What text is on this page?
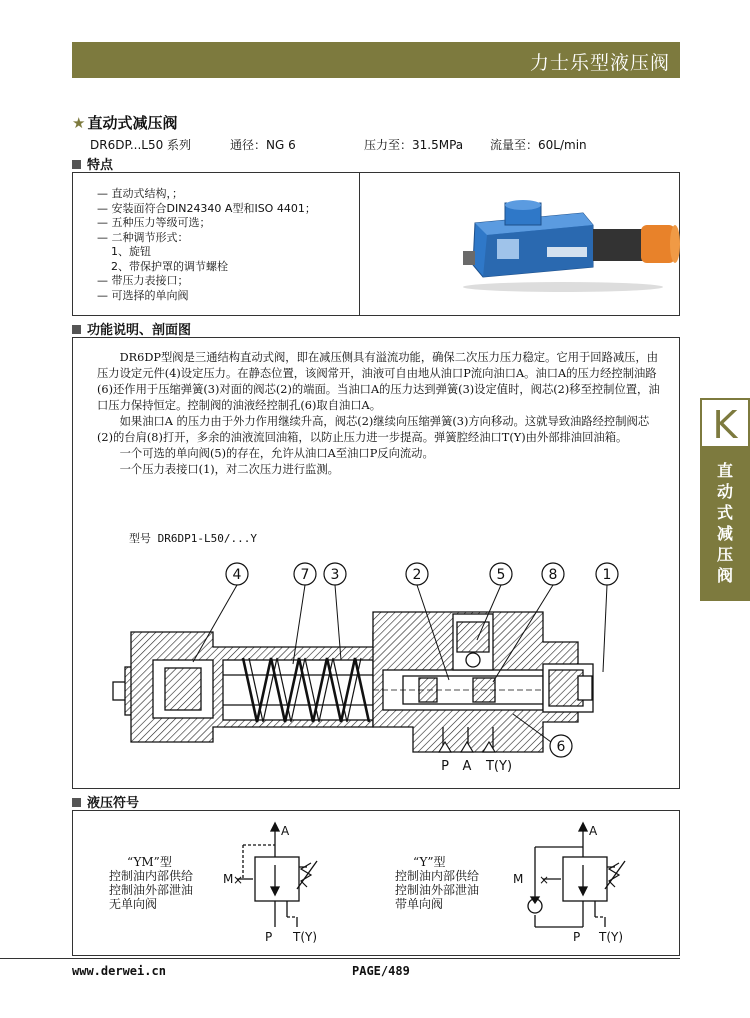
力士乐型液压阀
K
直
动
式
减
压
阀
★ 直动式减压阀
DR6DP...L50 系列	通径：NG 6	压力至：31.5MPa 流量至：60L/min
特点
— 直动式结构，；
— 安装面符合DIN24340 A型和ISO 4401；
— 五种压力等级可选；
— 二种调节形式：
1、旋钮
2、带保护罩的调节螺栓
— 带压力表接口；
— 可选择的单向阀
功能说明、剖面图

DR6DP型阀是三通结构直动式阀，即在减压侧具有溢流功能，确保二次压力压力稳定。它用于回路减压，由压力设定元件(4)设定压力。在静态位置，该阀常开，油液可自由地从油口P流向油口A。油口A的压力经控制油路(6)还作用于压缩弹簧(3)对面的阀芯(2)的端面。当油口A的压力达到弹簧(3)设定值时，阀芯(2)移至控制位置，油口压力保持恒定。控制阀的油液经控制孔(6)取自油口A。

如果油口A 的压力由于外力作用继续升高，阀芯(2)继续向压缩弹簧(3)方向移动。这就导致油路经控制阀芯(2)的台肩(8)打开，多余的油液流回油箱，以防止压力进一步提高。弹簧腔经油口T(Y)由外部排油回油箱。

一个可选的单向阀(5)的存在，允许从油口A至油口P反向流动。

一个压力表接口(1)，对二次压力进行监测。

型号 DR6DP1-L50/...Y
4	7 3	2	5	8	1
6
P A T(Y)
液压符号
“YM”型
控制油内部供给
控制油外部泄油
无单向阀
“Y”型
控制油内部供给
控制油外部泄油
带单向阀
×
M
A
P T(Y)
×
M
A
P T(Y)
www.derwei.cn	PAGE/489
